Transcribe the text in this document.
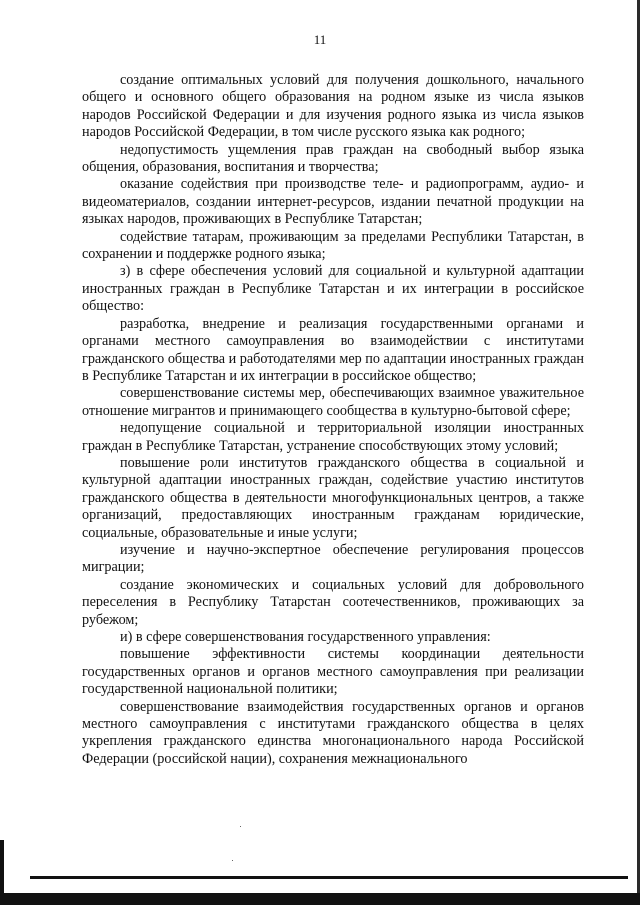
11

создание оптимальных условий для получения дошкольного, начального общего и основного общего образования на родном языке из числа языков народов Российской Федерации и для изучения родного языка из числа языков народов Российской Федерации, в том числе русского языка как родного;

недопустимость ущемления прав граждан на свободный выбор языка общения, образования, воспитания и творчества;

оказание содействия при производстве теле- и радиопрограмм, аудио- и видеоматериалов, создании интернет-ресурсов, издании печатной продукции на языках народов, проживающих в Республике Татарстан;

содействие татарам, проживающим за пределами Республики Татарстан, в сохранении и поддержке родного языка;

з) в сфере обеспечения условий для социальной и культурной адаптации иностранных граждан в Республике Татарстан и их интеграции в российское общество:

разработка, внедрение и реализация государственными органами и органами местного самоуправления во взаимодействии с институтами гражданского общества и работодателями мер по адаптации иностранных граждан в Республике Татарстан и их интеграции в российское общество;

совершенствование системы мер, обеспечивающих взаимное уважительное отношение мигрантов и принимающего сообщества в культурно-бытовой сфере;

недопущение социальной и территориальной изоляции иностранных граждан в Республике Татарстан, устранение способствующих этому условий;

повышение роли институтов гражданского общества в социальной и культурной адаптации иностранных граждан, содействие участию институтов гражданского общества в деятельности многофункциональных центров, а также организаций, предоставляющих иностранным гражданам юридические, социальные, образовательные и иные услуги;

изучение и научно-экспертное обеспечение регулирования процессов миграции;

создание экономических и социальных условий для добровольного переселения в Республику Татарстан соотечественников, проживающих за рубежом;

и) в сфере совершенствования государственного управления:

повышение эффективности системы координации деятельности государственных органов и органов местного самоуправления при реализации государственной национальной политики;

совершенствование взаимодействия государственных органов и органов местного самоуправления с институтами гражданского общества в целях укрепления гражданского единства многонационального народа Российской Федерации (российской нации), сохранения межнационального
